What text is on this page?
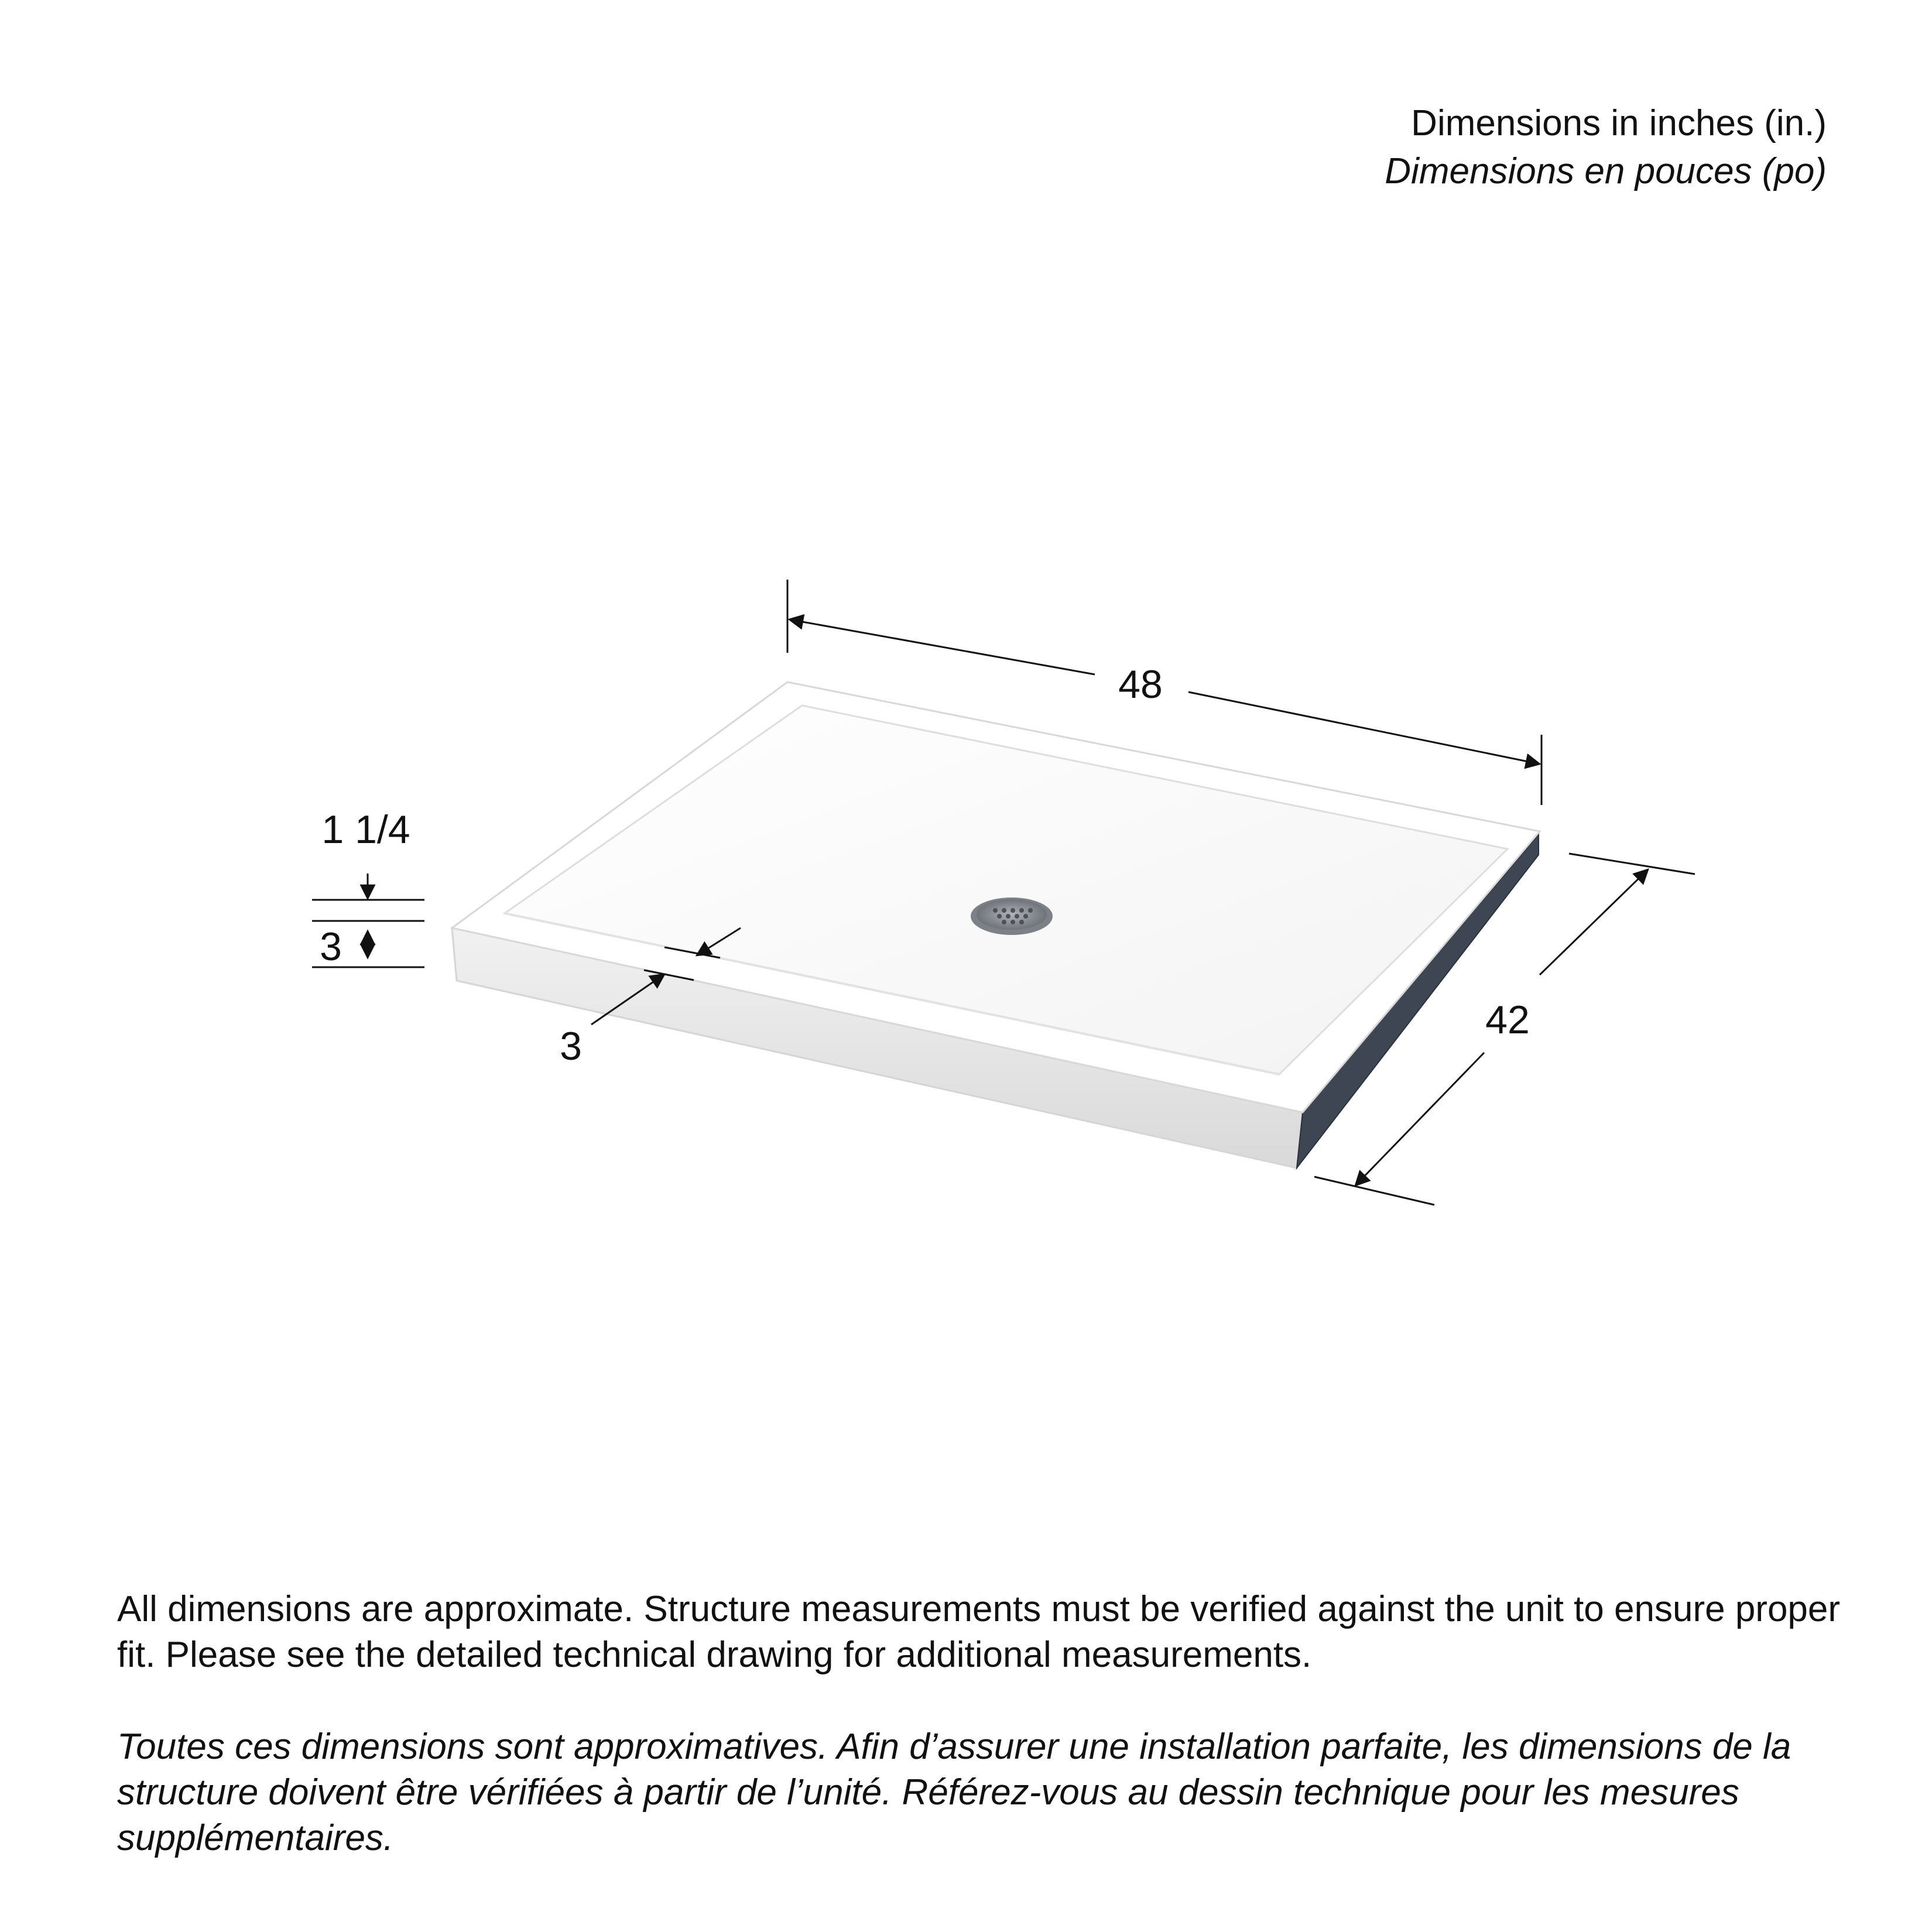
Dimensions in inches (in.)
Dimensions en pouces (po)
48
42
1 1/4
3
3

All dimensions are approximate. Structure measurements must be verified against the unit to ensure proper fit. Please see the detailed technical drawing for additional measurements.

Toutes ces dimensions sont approximatives. Afin d’assurer une installation parfaite, les dimensions de la structure doivent être vérifiées à partir de l’unité. Référez-vous au dessin technique pour les mesures supplémentaires.
